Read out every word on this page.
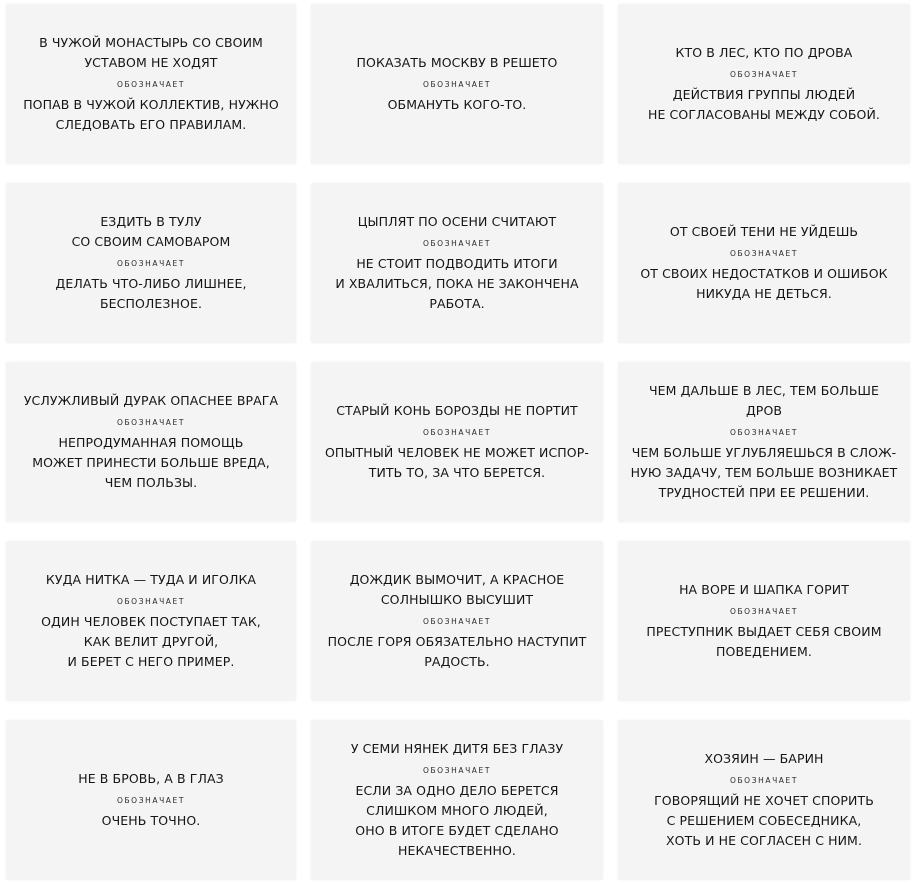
В ЧУЖОЙ МОНАСТЫРЬ СО СВОИМ
УСТАВОМ НЕ ХОДЯТ
ОБОЗНАЧАЕТ
ПОПАВ В ЧУЖОЙ КОЛЛЕКТИВ, НУЖНО
СЛЕДОВАТЬ ЕГО ПРАВИЛАМ.
ПОКАЗАТЬ МОСКВУ В РЕШЕТО
ОБОЗНАЧАЕТ
ОБМАНУТЬ КОГО-ТО.
КТО В ЛЕС, КТО ПО ДРОВА
ОБОЗНАЧАЕТ
ДЕЙСТВИЯ ГРУППЫ ЛЮДЕЙ
НЕ СОГЛАСОВАНЫ МЕЖДУ СОБОЙ.
ЕЗДИТЬ В ТУЛУ
СО СВОИМ САМОВАРОМ
ОБОЗНАЧАЕТ
ДЕЛАТЬ ЧТО-ЛИБО ЛИШНЕЕ,
БЕСПОЛЕЗНОЕ.
ЦЫПЛЯТ ПО ОСЕНИ СЧИТАЮТ
ОБОЗНАЧАЕТ
НЕ СТОИТ ПОДВОДИТЬ ИТОГИ
И ХВАЛИТЬСЯ, ПОКА НЕ ЗАКОНЧЕНА
РАБОТА.
ОТ СВОЕЙ ТЕНИ НЕ УЙДЕШЬ
ОБОЗНАЧАЕТ
ОТ СВОИХ НЕДОСТАТКОВ И ОШИБОК
НИКУДА НЕ ДЕТЬСЯ.
УСЛУЖЛИВЫЙ ДУРАК ОПАСНЕЕ ВРАГА
ОБОЗНАЧАЕТ
НЕПРОДУМАННАЯ ПОМОЩЬ
МОЖЕТ ПРИНЕСТИ БОЛЬШЕ ВРЕДА,
ЧЕМ ПОЛЬЗЫ.
СТАРЫЙ КОНЬ БОРОЗДЫ НЕ ПОРТИТ
ОБОЗНАЧАЕТ
ОПЫТНЫЙ ЧЕЛОВЕК НЕ МОЖЕТ ИСПОР-
ТИТЬ ТО, ЗА ЧТО БЕРЕТСЯ.
ЧЕМ ДАЛЬШЕ В ЛЕС, ТЕМ БОЛЬШЕ
ДРОВ
ОБОЗНАЧАЕТ
ЧЕМ БОЛЬШЕ УГЛУБЛЯЕШЬСЯ В СЛОЖ-
НУЮ ЗАДАЧУ, ТЕМ БОЛЬШЕ ВОЗНИКАЕТ
ТРУДНОСТЕЙ ПРИ ЕЕ РЕШЕНИИ.
КУДА НИТКА — ТУДА И ИГОЛКА
ОБОЗНАЧАЕТ
ОДИН ЧЕЛОВЕК ПОСТУПАЕТ ТАК,
КАК ВЕЛИТ ДРУГОЙ,
И БЕРЕТ С НЕГО ПРИМЕР.
ДОЖДИК ВЫМОЧИТ, А КРАСНОЕ
СОЛНЫШКО ВЫСУШИТ
ОБОЗНАЧАЕТ
ПОСЛЕ ГОРЯ ОБЯЗАТЕЛЬНО НАСТУПИТ
РАДОСТЬ.
НА ВОРЕ И ШАПКА ГОРИТ
ОБОЗНАЧАЕТ
ПРЕСТУПНИК ВЫДАЕТ СЕБЯ СВОИМ
ПОВЕДЕНИЕМ.
НЕ В БРОВЬ, А В ГЛАЗ
ОБОЗНАЧАЕТ
ОЧЕНЬ ТОЧНО.
У СЕМИ НЯНЕК ДИТЯ БЕЗ ГЛАЗУ
ОБОЗНАЧАЕТ
ЕСЛИ ЗА ОДНО ДЕЛО БЕРЕТСЯ
СЛИШКОМ МНОГО ЛЮДЕЙ,
ОНО В ИТОГЕ БУДЕТ СДЕЛАНО
НЕКАЧЕСТВЕННО.
ХОЗЯИН — БАРИН
ОБОЗНАЧАЕТ
ГОВОРЯЩИЙ НЕ ХОЧЕТ СПОРИТЬ
С РЕШЕНИЕМ СОБЕСЕДНИКА,
ХОТЬ И НЕ СОГЛАСЕН С НИМ.
